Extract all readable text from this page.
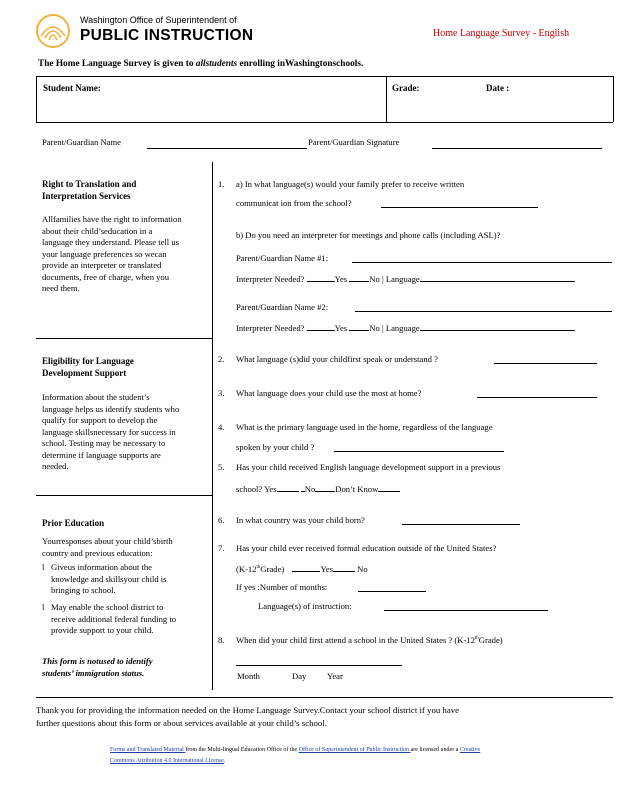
Washington Office of Superintendent of
PUBLIC INSTRUCTION	Home Language Survey - English
The Home Language Survey is given to allstudents enrolling inWashingtonschools.
Student Name:	Grade:	Date :
Parent/Guardian Name	Parent/Guardian Signature
Right to Translation and
Interpretation Services
Allfamilies have the right to information
about their child’seducation in a
language they understand. Please tell us
your language preferences so wecan
provide an interpreter or translated
documents, free of charge, when you
need them.
Eligibility for Language
Development Support
Information about the student’s
language helps us identify students who
qualify for support to develop the
language skillsnecessary for success in
school. Testing may be necessary to
determine if language supports are
needed.
Prior Education
Yourresponses about your child’sbirth
country and previous education:
l Giveus information about the
knowledge and skillsyour child is
bringing to school.
l May enable the school district to
receive additional federal funding to
provide support to your child.
This form is notused to identify
students’ immigration status.
1. a) In what language(s) would your family prefer to receive written
communicat ion from the school?
b) Do you need an interpreter for meetings and phone calls (including ASL)?
Parent/Guardian Name #1:
Interpreter Needed?	Yes	No | Language
Parent/Guardian Name #2:
Interpreter Needed?	Yes	No | Language
2. What language (s)did your childfirst speak or understand ?
3. What language does your child use the most at home?
4. What is the primary language used in the home, regardless of the language
spoken by your child ?
5. Has your child received English language development support in a previous
school? Yes	No Don’t Know
6. In what country was your child born?
7. Has your child ever received formal education outside of the United States?
(K-12thGrade)	Yes	No
If yes :Number of months:
Language(s) of instruction:
8. When did your child first attend a school in the United States ? (K-12thGrade)
Month	Day Year
Thank you for providing the information needed on the Home Language Survey.Contact your school district if you have
further questions about this form or about services available at your child’s school.
Forms and Translated Material from the Multi-lingual Education Office of the Office of Superintendent of Public Instruction are licensed under a Creative
Commons Attribution 4.0 International License.
